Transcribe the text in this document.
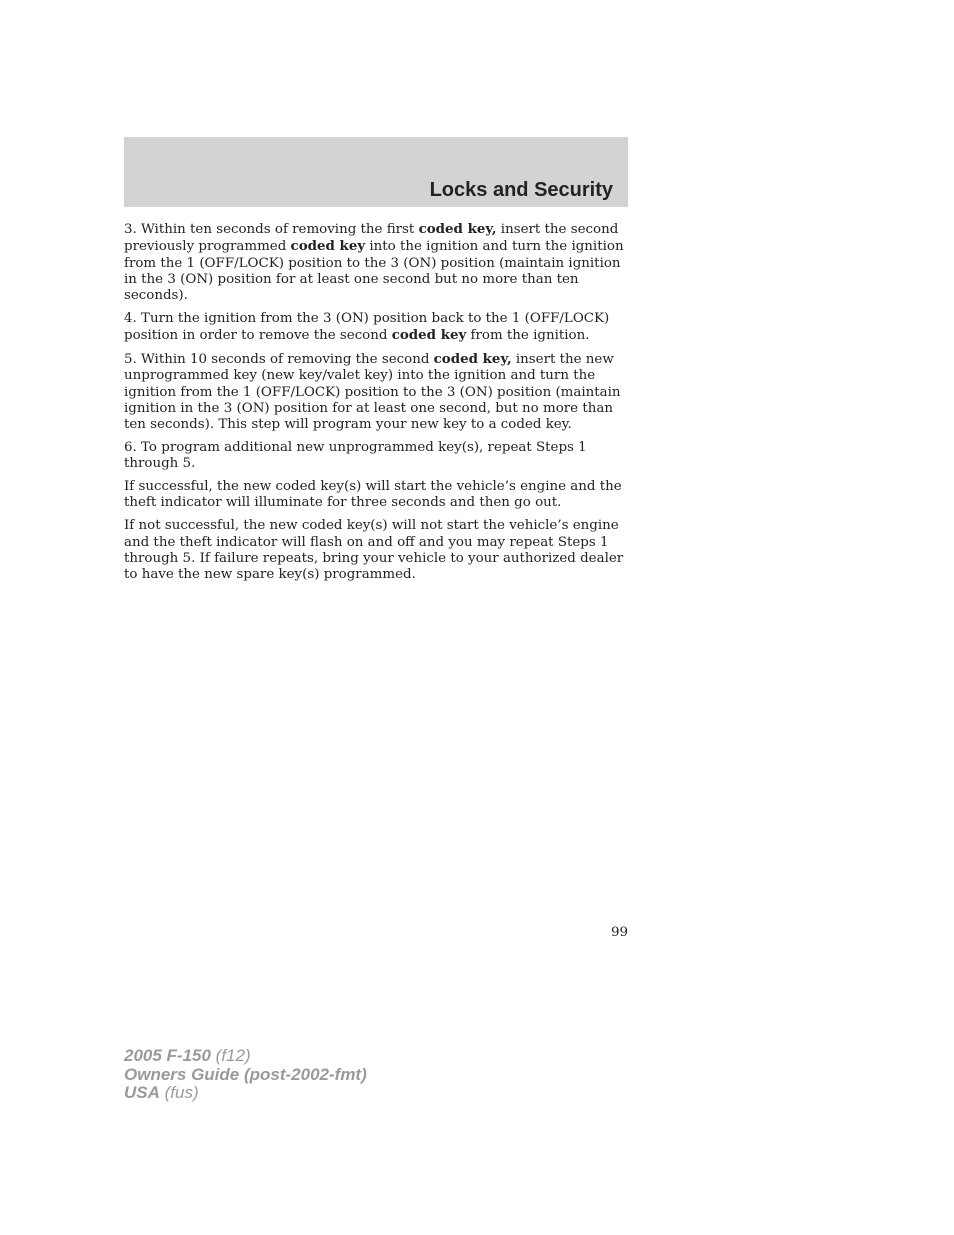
Locks and Security

3. Within ten seconds of removing the first coded key, insert the second previously programmed coded key into the ignition and turn the ignition from the 1 (OFF/LOCK) position to the 3 (ON) position (maintain ignition in the 3 (ON) position for at least one second but no more than ten seconds).

4. Turn the ignition from the 3 (ON) position back to the 1 (OFF/LOCK) position in order to remove the second coded key from the ignition.

5. Within 10 seconds of removing the second coded key, insert the new unprogrammed key (new key/valet key) into the ignition and turn the ignition from the 1 (OFF/LOCK) position to the 3 (ON) position (maintain ignition in the 3 (ON) position for at least one second, but no more than ten seconds). This step will program your new key to a coded key.

6. To program additional new unprogrammed key(s), repeat Steps 1 through 5.

If successful, the new coded key(s) will start the vehicle’s engine and the theft indicator will illuminate for three seconds and then go out.

If not successful, the new coded key(s) will not start the vehicle’s engine and the theft indicator will flash on and off and you may repeat Steps 1 through 5. If failure repeats, bring your vehicle to your authorized dealer to have the new spare key(s) programmed.

99
2005 F-150 (f12)
Owners Guide (post-2002-fmt)
USA (fus)
